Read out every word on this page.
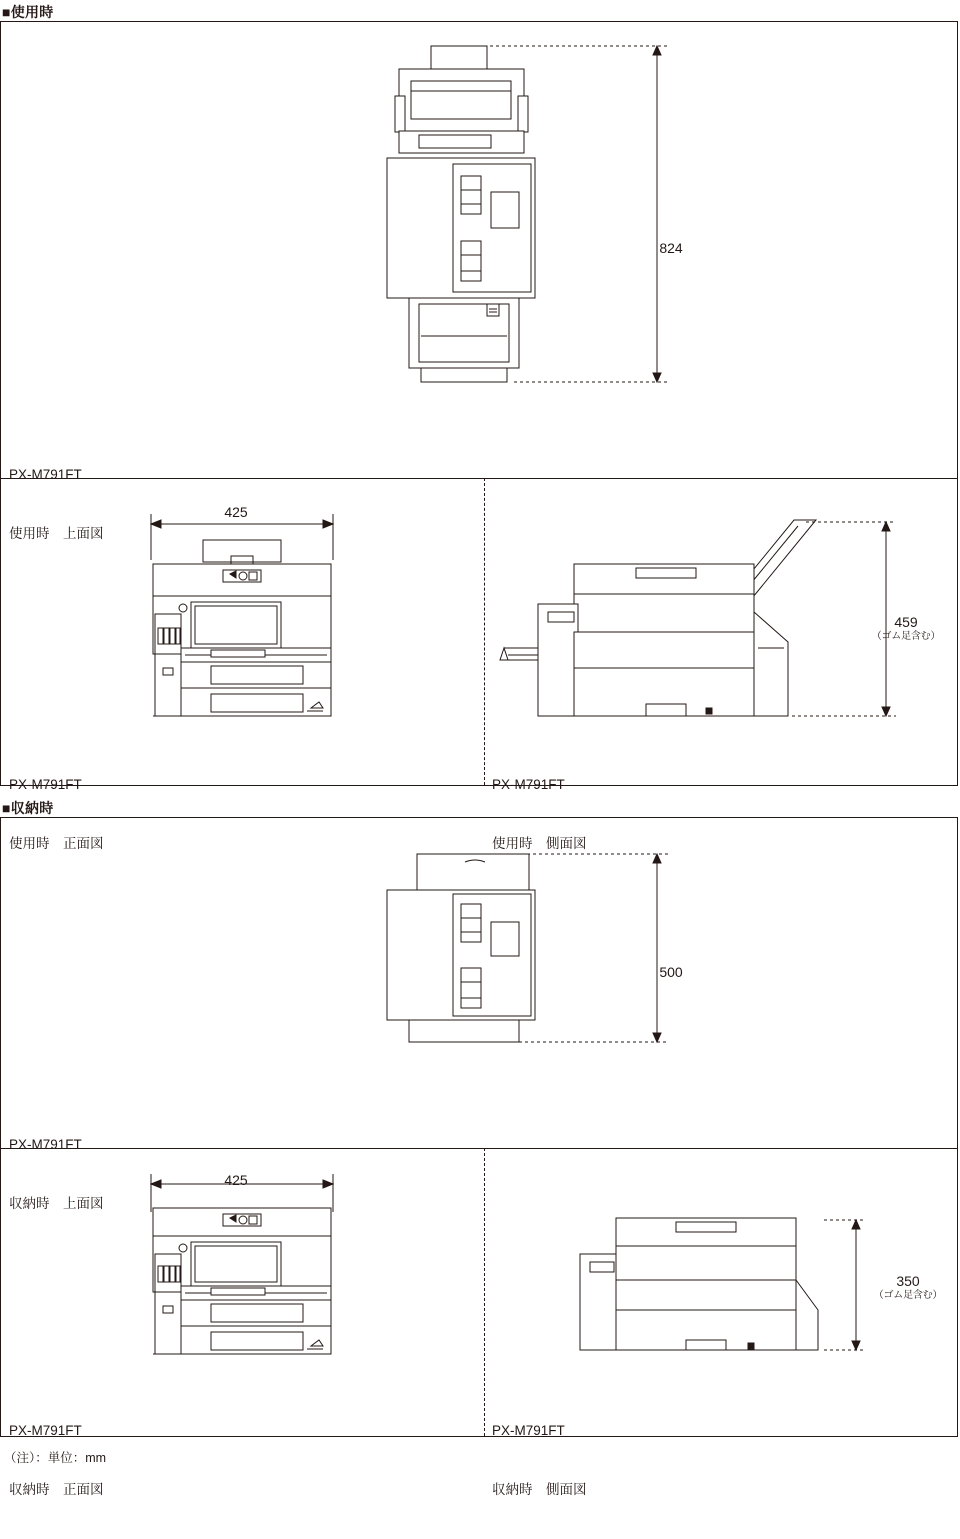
■使用時
824

PX-M791FT

使用時　上面図

425

PX-M791FT

使用時　正面図

459
（ゴム足含む）

PX-M791FT

使用時　側面図

■収納時
500

PX-M791FT

収納時　上面図

425

PX-M791FT

収納時　正面図

350
（ゴム足含む）

PX-M791FT

収納時　側面図

（注）：単位：mm
